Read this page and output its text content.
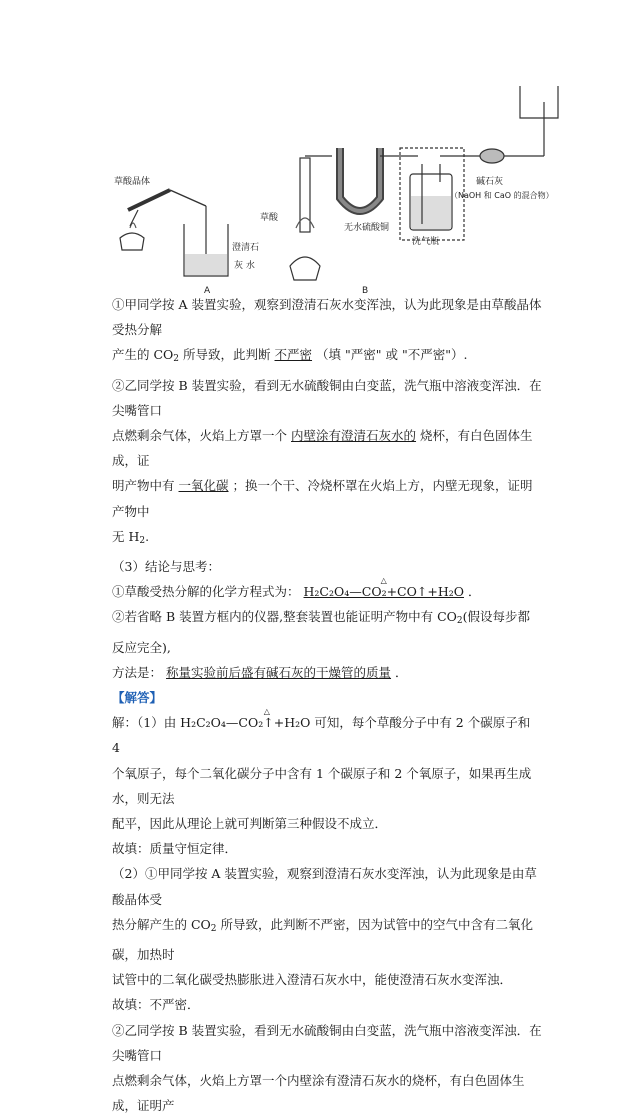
草酸晶体
澄清石
灰 水
A	B
草酸
无水硫酸铜
洗气瓶
碱石灰
（NaOH 和 CaO 的混合物）

①甲同学按 A 装置实验，观察到澄清石灰水变浑浊，认为此现象是由草酸晶体受热分解

产生的 $CO_2$ 所导致，此判断 不严密 （填 "严密" 或 "不严密"）.

②乙同学按 B 装置实验，看到无水硫酸铜由白变蓝，洗气瓶中溶液变浑浊．在尖嘴管口

点燃剩余气体，火焰上方罩一个 内壁涂有澄清石灰水的 烧杯，有白色固体生成，证

明产物中有 一氧化碳 ；换一个干、冷烧杯罩在火焰上方，内壁无现象，证明产物中

无 $H_2$.

（3）结论与思考：

①草酸受热分解的化学方程式为：
△
H₂C₂O₄—CO₂+CO↑+H₂O ．

②若省略 B 装置方框内的仪器,整套装置也能证明产物中有 $CO_2$(假设每步都反应完全),

方法是： 称量实验前后盛有碱石灰的干燥管的质量 ．

【解答】
△
解：（1）由 H₂C₂O₄—CO₂↑+H₂O 可知，每个草酸分子中有 2 个碳原子和 4

个氧原子，每个二氧化碳分子中含有 1 个碳原子和 2 个氧原子，如果再生成水，则无法

配平，因此从理论上就可判断第三种假设不成立．

故填：质量守恒定律．

（2）①甲同学按 A 装置实验，观察到澄清石灰水变浑浊，认为此现象是由草酸晶体受

热分解产生的 $CO_2$ 所导致，此判断不严密，因为试管中的空气中含有二氧化碳，加热时

试管中的二氧化碳受热膨胀进入澄清石灰水中，能使澄清石灰水变浑浊．

故填：不严密．

②乙同学按 B 装置实验，看到无水硫酸铜由白变蓝，洗气瓶中溶液变浑浊．在尖嘴管口

点燃剩余气体，火焰上方罩一个内壁涂有澄清石灰水的烧杯，有白色固体生成，证明产
